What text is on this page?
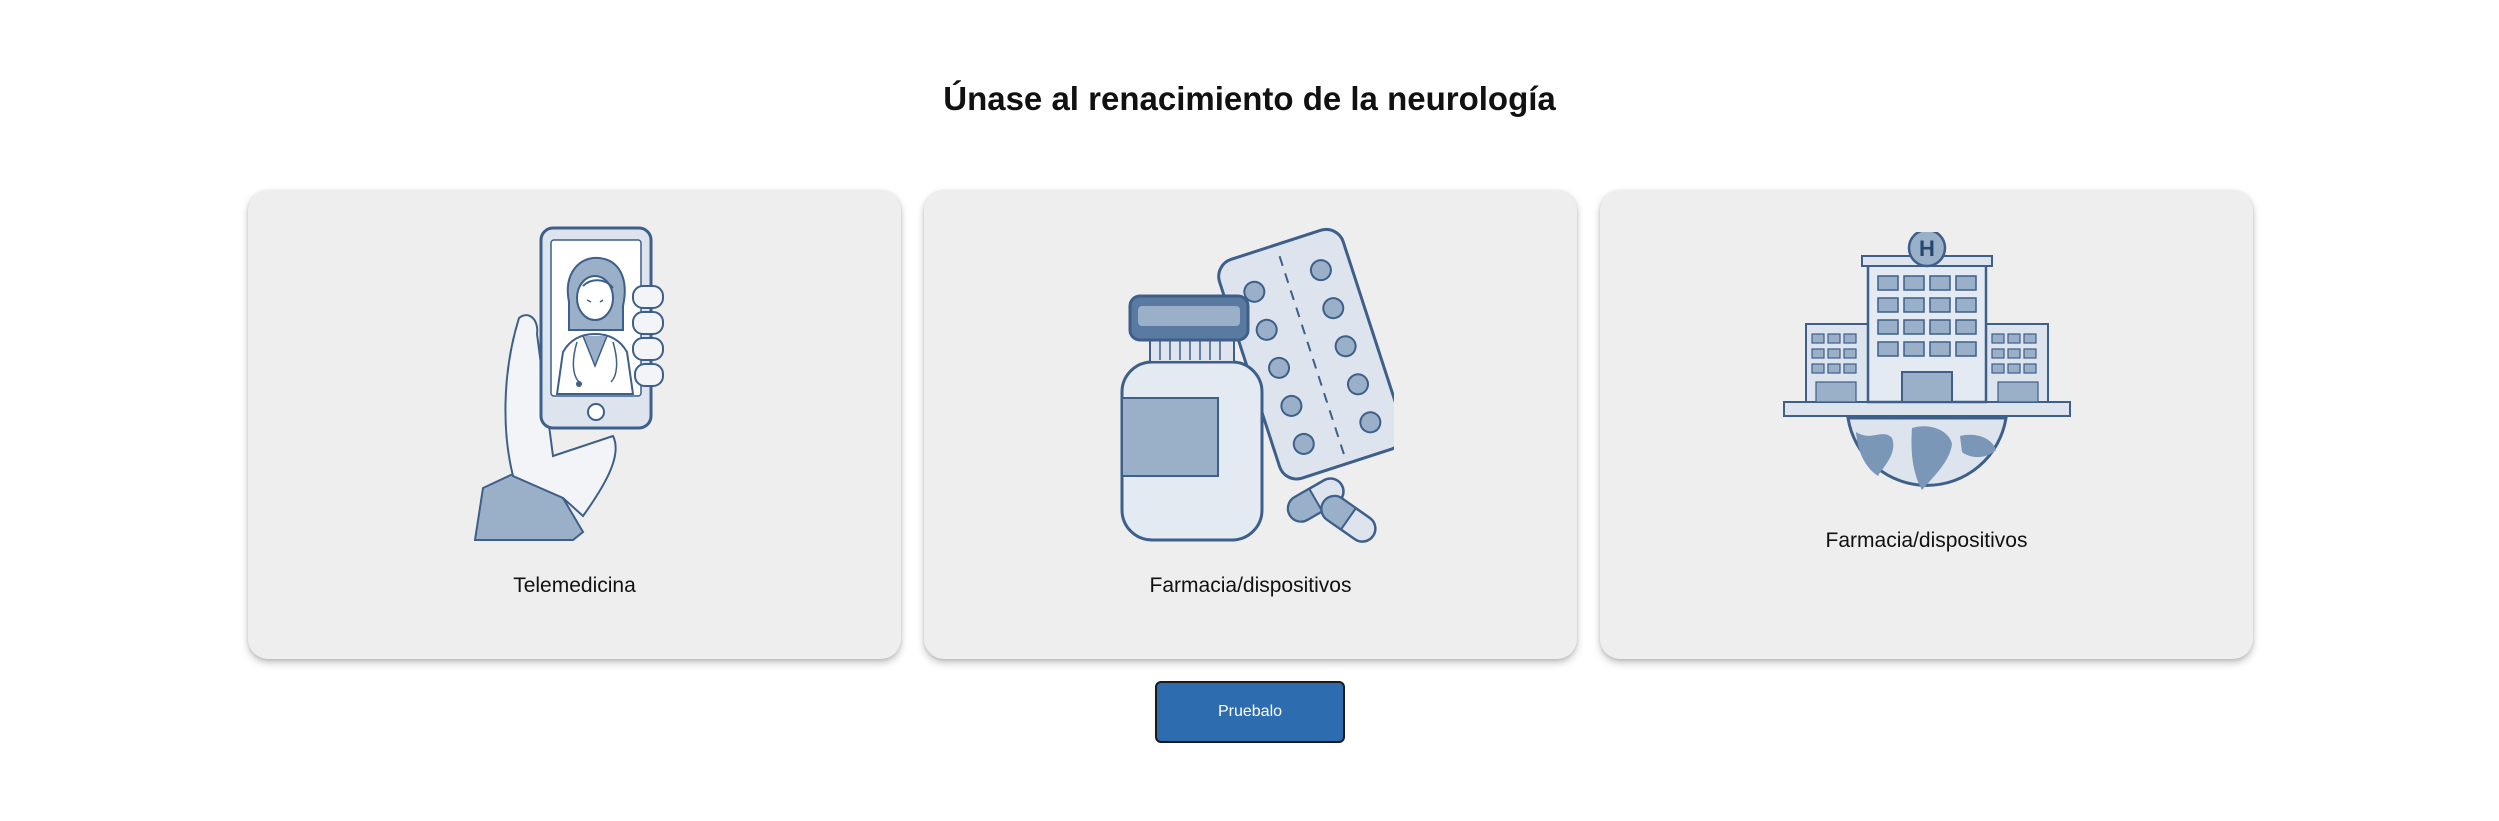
Únase al renacimiento de la neurología
Telemedicina	Farmacia/dispositivos
H
Farmacia/dispositivos
Pruebalo
